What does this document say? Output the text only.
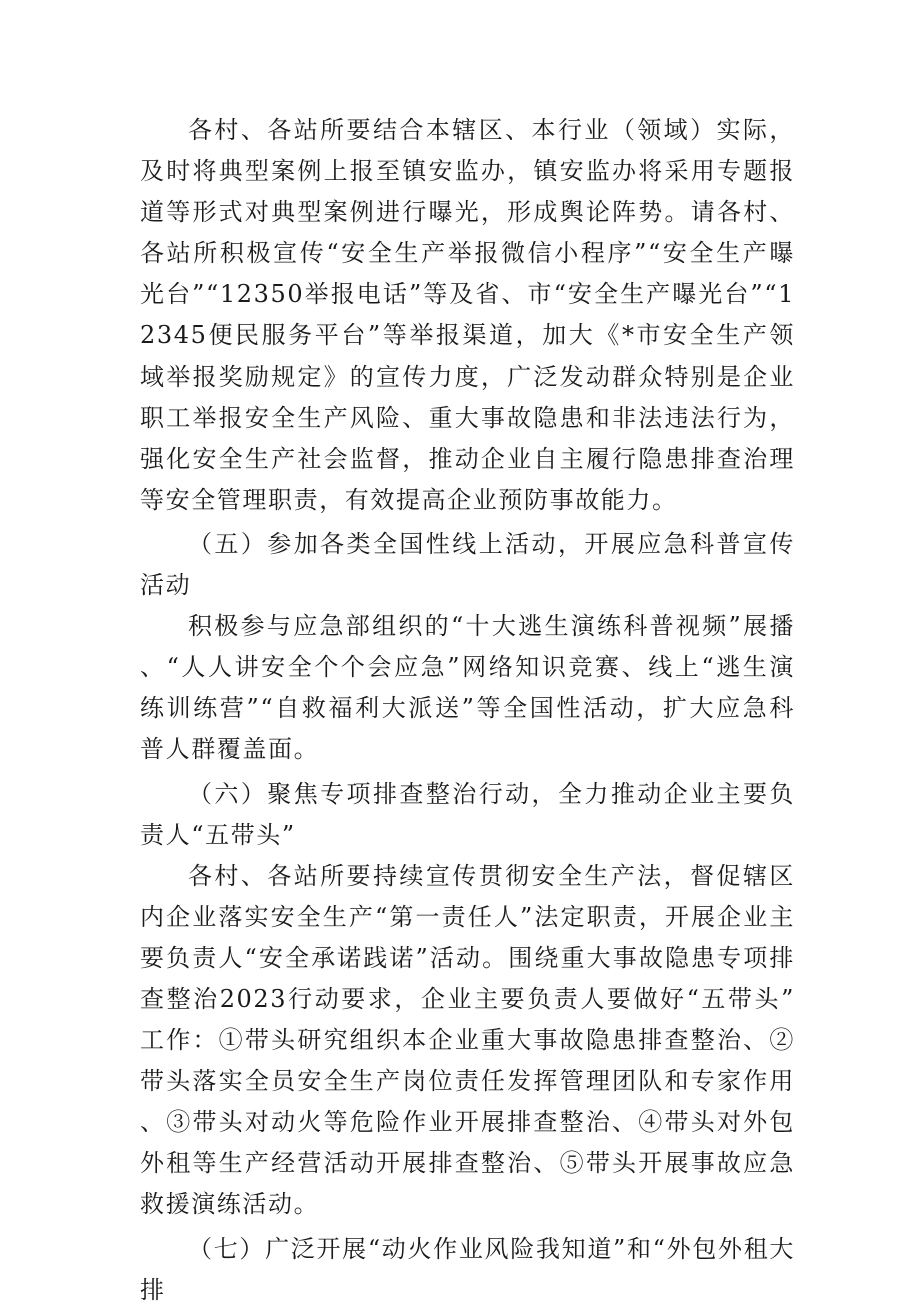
各村、各站所要结合本辖区、本行业（领域）实际，及时将典型案例上报至镇安监办，镇安监办将采用专题报道等形式对典型案例进行曝光，形成舆论阵势。请各村、各站所积极宣传“安全生产举报微信小程序”“安全生产曝光台”“12350举报电话”等及省、市“安全生产曝光台”“12345便民服务平台”等举报渠道，加大《*市安全生产领域举报奖励规定》的宣传力度，广泛发动群众特别是企业职工举报安全生产风险、重大事故隐患和非法违法行为，强化安全生产社会监督，推动企业自主履行隐患排查治理等安全管理职责，有效提高企业预防事故能力。

（五）参加各类全国性线上活动，开展应急科普宣传活动

积极参与应急部组织的“十大逃生演练科普视频”展播、“人人讲安全个个会应急”网络知识竞赛、线上“逃生演练训练营”“自救福利大派送”等全国性活动，扩大应急科普人群覆盖面。

（六）聚焦专项排查整治行动，全力推动企业主要负责人“五带头”

各村、各站所要持续宣传贯彻安全生产法，督促辖区内企业落实安全生产“第一责任人”法定职责，开展企业主要负责人“安全承诺践诺”活动。围绕重大事故隐患专项排查整治2023行动要求，企业主要负责人要做好“五带头”工作：①带头研究组织本企业重大事故隐患排查整治、②带头落实全员安全生产岗位责任发挥管理团队和专家作用、③带头对动火等危险作业开展排查整治、④带头对外包外租等生产经营活动开展排查整治、⑤带头开展事故应急救援演练活动。

（七）广泛开展“动火作业风险我知道”和“外包外租大排
